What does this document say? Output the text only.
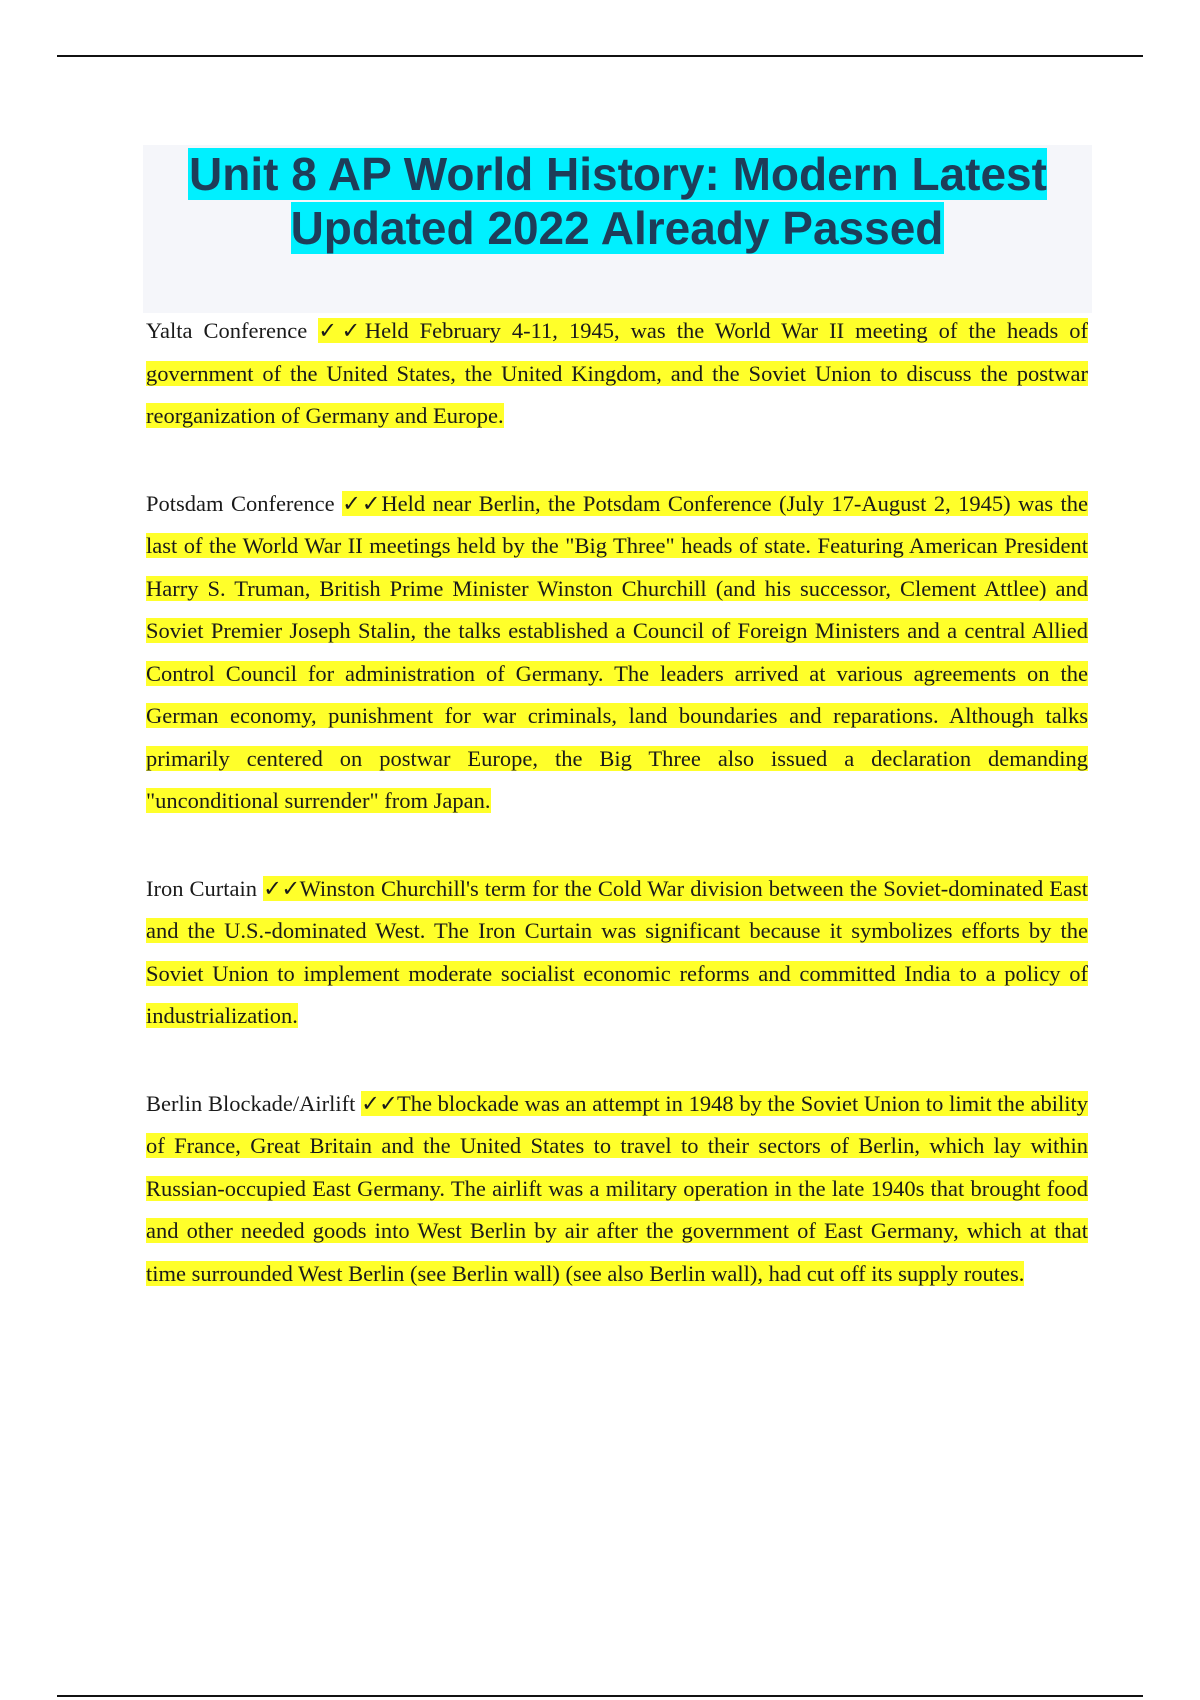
Unit 8 AP World History: Modern Latest Updated 2022 Already Passed

Yalta Conference ✓✓Held February 4-11, 1945, was the World War II meeting of the heads of government of the United States, the United Kingdom, and the Soviet Union to discuss the postwar reorganization of Germany and Europe.

Potsdam Conference ✓✓Held near Berlin, the Potsdam Conference (July 17-August 2, 1945) was the last of the World War II meetings held by the "Big Three" heads of state. Featuring American President Harry S. Truman, British Prime Minister Winston Churchill (and his successor, Clement Attlee) and Soviet Premier Joseph Stalin, the talks established a Council of Foreign Ministers and a central Allied Control Council for administration of Germany. The leaders arrived at various agreements on the German economy, punishment for war criminals, land boundaries and reparations. Although talks primarily centered on postwar Europe, the Big Three also issued a declaration demanding "unconditional surrender" from Japan.

Iron Curtain ✓✓Winston Churchill's term for the Cold War division between the Soviet-dominated East and the U.S.-dominated West. The Iron Curtain was significant because it symbolizes efforts by the Soviet Union to implement moderate socialist economic reforms and committed India to a policy of industrialization.

Berlin Blockade/Airlift ✓✓The blockade was an attempt in 1948 by the Soviet Union to limit the ability of France, Great Britain and the United States to travel to their sectors of Berlin, which lay within Russian-occupied East Germany. The airlift was a military operation in the late 1940s that brought food and other needed goods into West Berlin by air after the government of East Germany, which at that time surrounded West Berlin (see Berlin wall) (see also Berlin wall), had cut off its supply routes.
